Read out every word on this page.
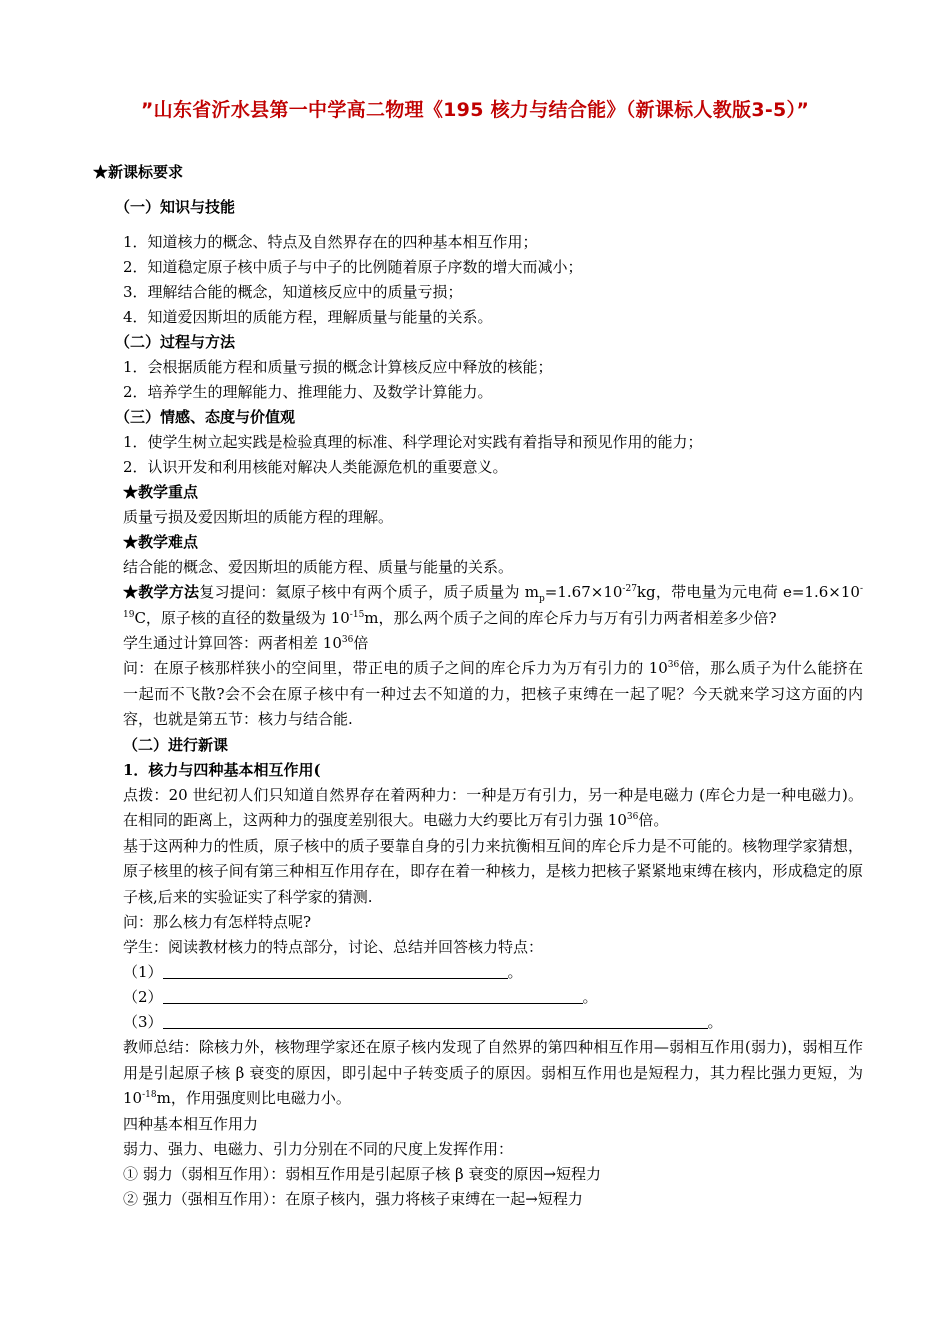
”山东省沂水县第一中学高二物理《195 核力与结合能》（新课标人教版3-5）”
★新课标要求
（一）知识与技能
1．知道核力的概念、特点及自然界存在的四种基本相互作用；
2．知道稳定原子核中质子与中子的比例随着原子序数的增大而减小；
3．理解结合能的概念，知道核反应中的质量亏损；
4．知道爱因斯坦的质能方程，理解质量与能量的关系。
（二）过程与方法
1．会根据质能方程和质量亏损的概念计算核反应中释放的核能；
2．培养学生的理解能力、推理能力、及数学计算能力。
（三）情感、态度与价值观
1．使学生树立起实践是检验真理的标准、科学理论对实践有着指导和预见作用的能力；
2．认识开发和利用核能对解决人类能源危机的重要意义。
★教学重点
质量亏损及爱因斯坦的质能方程的理解。
★教学难点
结合能的概念、爱因斯坦的质能方程、质量与能量的关系。
★教学方法复习提问：氦原子核中有两个质子，质子质量为 $m_p=1.67\times 10^{-27}kg$，带电量为元电荷 $e=1.6\times 10^{-19}C$，原子核的直径的数量级为 $10^{-15}m$，那么两个质子之间的库仑斥力与万有引力两者相差多少倍?
学生通过计算回答：两者相差 $10^{36}$倍
问：在原子核那样狭小的空间里，带正电的质子之间的库仑斥力为万有引力的 $10^{36}$倍，那么质子为什么能挤在一起而不飞散?会不会在原子核中有一种过去不知道的力，把核子束缚在一起了呢？今天就来学习这方面的内容，也就是第五节：核力与结合能.
（二）进行新课
1．核力与四种基本相互作用(
点拨：20 世纪初人们只知道自然界存在着两种力：一种是万有引力，另一种是电磁力 (库仑力是一种电磁力)。在相同的距离上，这两种力的强度差别很大。电磁力大约要比万有引力强 $10^{36}$倍。
基于这两种力的性质，原子核中的质子要靠自身的引力来抗衡相互间的库仑斥力是不可能的。核物理学家猜想，原子核里的核子间有第三种相互作用存在，即存在着一种核力，是核力把核子紧紧地束缚在核内，形成稳定的原子核,后来的实验证实了科学家的猜测.
问：那么核力有怎样特点呢?
学生：阅读教材核力的特点部分，讨论、总结并回答核力特点：
（1）	。
（2）	。
（3）	。
教师总结：除核力外，核物理学家还在原子核内发现了自然界的第四种相互作用—弱相互作用(弱力)，弱相互作用是引起原子核 β 衰变的原因，即引起中子转变质子的原因。弱相互作用也是短程力，其力程比强力更短，为 $10^{-18}m$，作用强度则比电磁力小。
四种基本相互作用力
弱力、强力、电磁力、引力分别在不同的尺度上发挥作用：
① 弱力（弱相互作用）：弱相互作用是引起原子核 β 衰变的原因→短程力
② 强力（强相互作用）：在原子核内，强力将核子束缚在一起→短程力
